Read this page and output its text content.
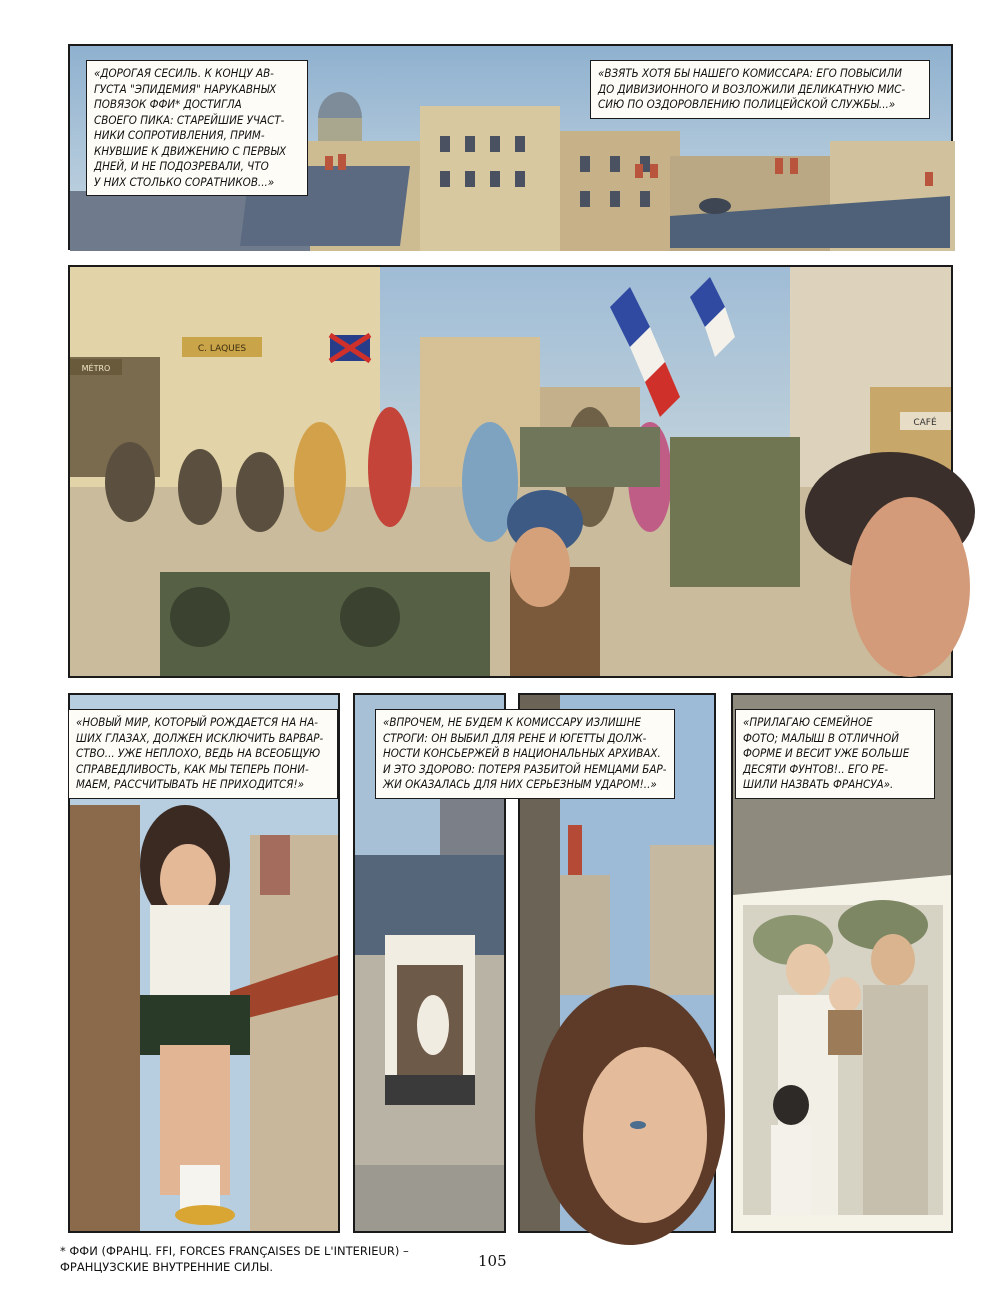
«ДОРОГАЯ СЕСИЛЬ. К КОНЦУ АВ-
ГУСТА "ЭПИДЕМИЯ" НАРУКАВНЫХ
ПОВЯЗОК ФФИ* ДОСТИГЛА
СВОЕГО ПИКА: СТАРЕЙШИЕ УЧАСТ-
НИКИ СОПРОТИВЛЕНИЯ, ПРИМ-
КНУВШИЕ К ДВИЖЕНИЮ С ПЕРВЫХ
ДНЕЙ, И НЕ ПОДОЗРЕВАЛИ, ЧТО
У НИХ СТОЛЬКО СОРАТНИКОВ...»
«ВЗЯТЬ ХОТЯ БЫ НАШЕГО КОМИССАРА: ЕГО ПОВЫСИЛИ
ДО ДИВИЗИОННОГО И ВОЗЛОЖИЛИ ДЕЛИКАТНУЮ МИС-
СИЮ ПО ОЗДОРОВЛЕНИЮ ПОЛИЦЕЙСКОЙ СЛУЖБЫ...»
C. LAQUES
MÉTRO
CAFÉ
«НОВЫЙ МИР, КОТОРЫЙ РОЖДАЕТСЯ НА НА-
ШИХ ГЛАЗАХ, ДОЛЖЕН ИСКЛЮЧИТЬ ВАРВАР-
СТВО... УЖЕ НЕПЛОХО, ВЕДЬ НА ВСЕОБЩУЮ
СПРАВЕДЛИВОСТЬ, КАК МЫ ТЕПЕРЬ ПОНИ-
МАЕМ, РАССЧИТЫВАТЬ НЕ ПРИХОДИТСЯ!»
«ВПРОЧЕМ, НЕ БУДЕМ К КОМИССАРУ ИЗЛИШНЕ
СТРОГИ: ОН ВЫБИЛ ДЛЯ РЕНЕ И ЮГЕТТЫ ДОЛЖ-
НОСТИ КОНСЬЕРЖЕЙ В НАЦИОНАЛЬНЫХ АРХИВАХ.
И ЭТО ЗДОРОВО: ПОТЕРЯ РАЗБИТОЙ НЕМЦАМИ БАР-
ЖИ ОКАЗАЛАСЬ ДЛЯ НИХ СЕРЬЕЗНЫМ УДАРОМ!..»
«ПРИЛАГАЮ СЕМЕЙНОЕ
ФОТО; МАЛЫШ В ОТЛИЧНОЙ
ФОРМЕ И ВЕСИТ УЖЕ БОЛЬШЕ
ДЕСЯТИ ФУНТОВ!.. ЕГО РЕ-
ШИЛИ НАЗВАТЬ ФРАНСУА».
* ФФИ (ФРАНЦ. FFI, FORCES FRANÇAISES DE L'INTERIEUR) –
ФРАНЦУЗСКИЕ ВНУТРЕННИЕ СИЛЫ.	105
